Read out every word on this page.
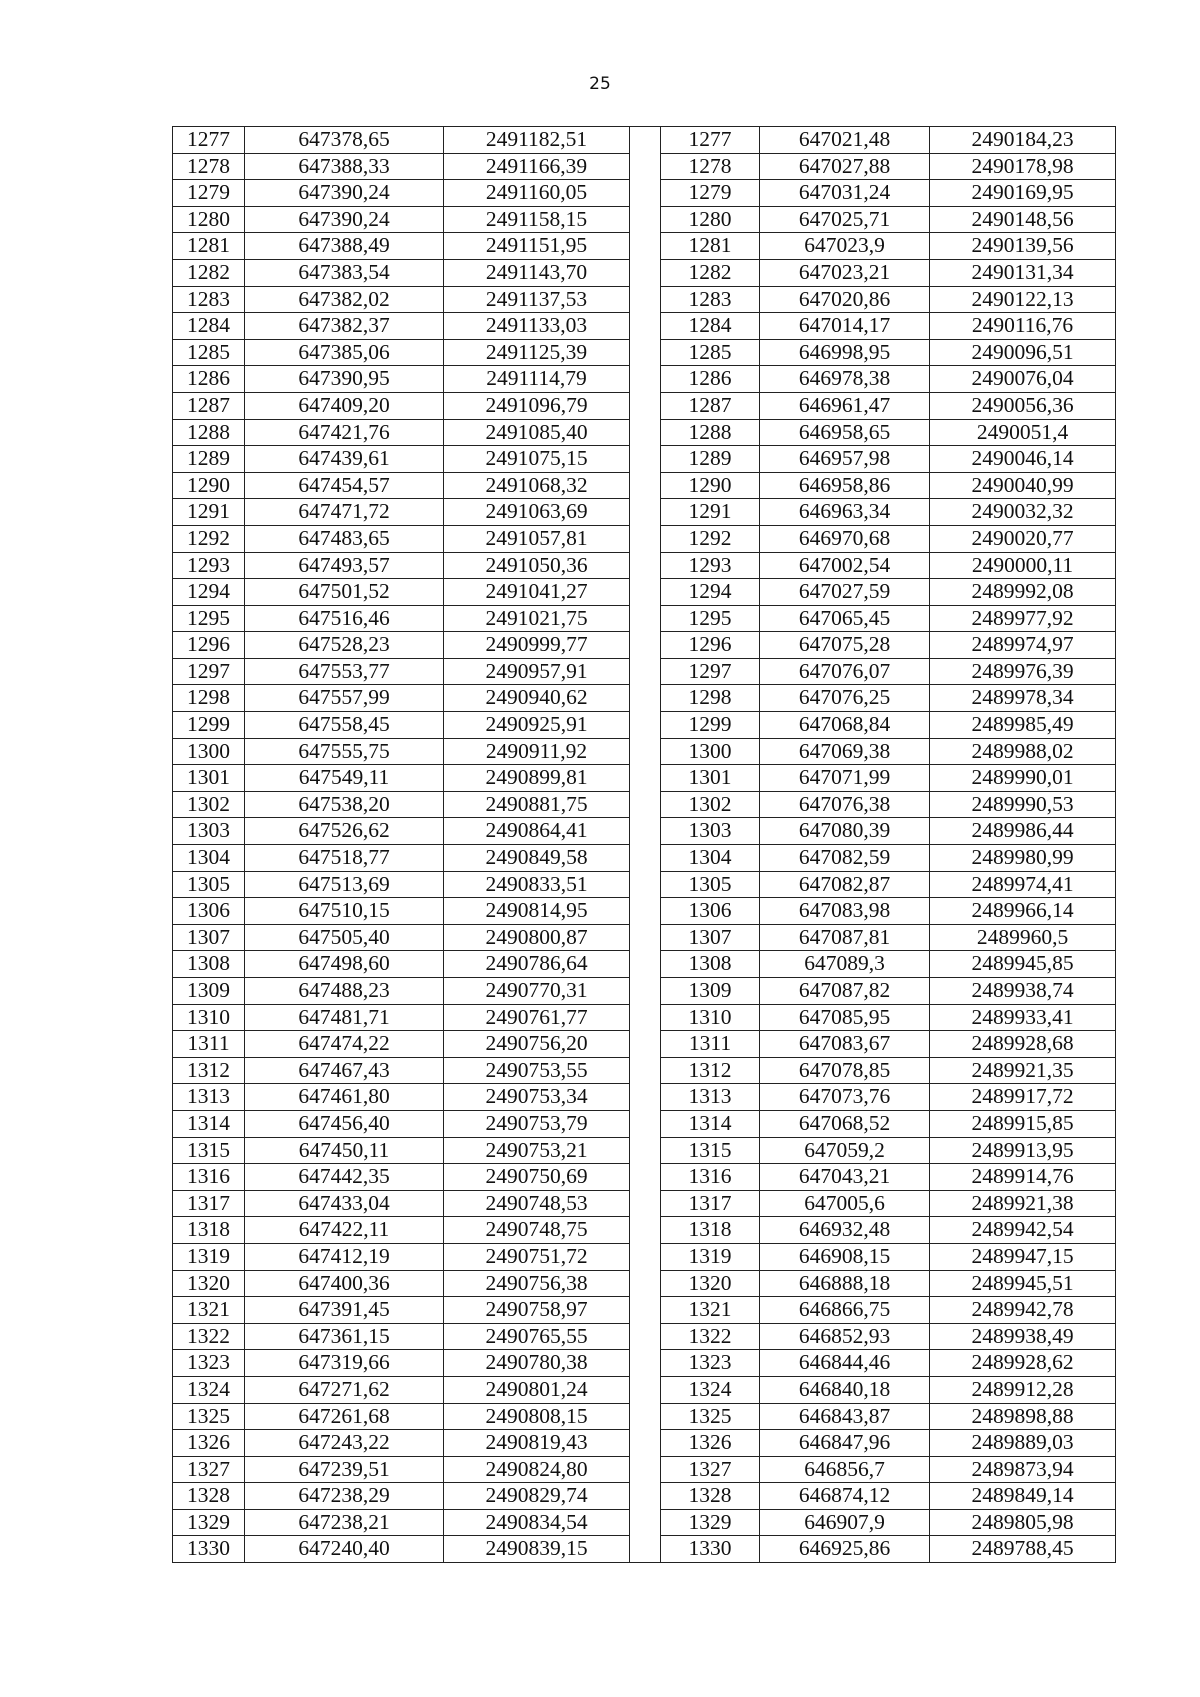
25
1277	647378,65	2491182,51		1277	647021,48	2490184,23
1278	647388,33	2491166,39		1278	647027,88	2490178,98
1279	647390,24	2491160,05		1279	647031,24	2490169,95
1280	647390,24	2491158,15		1280	647025,71	2490148,56
1281	647388,49	2491151,95		1281	647023,9	2490139,56
1282	647383,54	2491143,70		1282	647023,21	2490131,34
1283	647382,02	2491137,53		1283	647020,86	2490122,13
1284	647382,37	2491133,03		1284	647014,17	2490116,76
1285	647385,06	2491125,39		1285	646998,95	2490096,51
1286	647390,95	2491114,79		1286	646978,38	2490076,04
1287	647409,20	2491096,79		1287	646961,47	2490056,36
1288	647421,76	2491085,40		1288	646958,65	2490051,4
1289	647439,61	2491075,15		1289	646957,98	2490046,14
1290	647454,57	2491068,32		1290	646958,86	2490040,99
1291	647471,72	2491063,69		1291	646963,34	2490032,32
1292	647483,65	2491057,81		1292	646970,68	2490020,77
1293	647493,57	2491050,36		1293	647002,54	2490000,11
1294	647501,52	2491041,27		1294	647027,59	2489992,08
1295	647516,46	2491021,75		1295	647065,45	2489977,92
1296	647528,23	2490999,77		1296	647075,28	2489974,97
1297	647553,77	2490957,91		1297	647076,07	2489976,39
1298	647557,99	2490940,62		1298	647076,25	2489978,34
1299	647558,45	2490925,91		1299	647068,84	2489985,49
1300	647555,75	2490911,92		1300	647069,38	2489988,02
1301	647549,11	2490899,81		1301	647071,99	2489990,01
1302	647538,20	2490881,75		1302	647076,38	2489990,53
1303	647526,62	2490864,41		1303	647080,39	2489986,44
1304	647518,77	2490849,58		1304	647082,59	2489980,99
1305	647513,69	2490833,51		1305	647082,87	2489974,41
1306	647510,15	2490814,95		1306	647083,98	2489966,14
1307	647505,40	2490800,87		1307	647087,81	2489960,5
1308	647498,60	2490786,64		1308	647089,3	2489945,85
1309	647488,23	2490770,31		1309	647087,82	2489938,74
1310	647481,71	2490761,77		1310	647085,95	2489933,41
1311	647474,22	2490756,20		1311	647083,67	2489928,68
1312	647467,43	2490753,55		1312	647078,85	2489921,35
1313	647461,80	2490753,34		1313	647073,76	2489917,72
1314	647456,40	2490753,79		1314	647068,52	2489915,85
1315	647450,11	2490753,21		1315	647059,2	2489913,95
1316	647442,35	2490750,69		1316	647043,21	2489914,76
1317	647433,04	2490748,53		1317	647005,6	2489921,38
1318	647422,11	2490748,75		1318	646932,48	2489942,54
1319	647412,19	2490751,72		1319	646908,15	2489947,15
1320	647400,36	2490756,38		1320	646888,18	2489945,51
1321	647391,45	2490758,97		1321	646866,75	2489942,78
1322	647361,15	2490765,55		1322	646852,93	2489938,49
1323	647319,66	2490780,38		1323	646844,46	2489928,62
1324	647271,62	2490801,24		1324	646840,18	2489912,28
1325	647261,68	2490808,15		1325	646843,87	2489898,88
1326	647243,22	2490819,43		1326	646847,96	2489889,03
1327	647239,51	2490824,80		1327	646856,7	2489873,94
1328	647238,29	2490829,74		1328	646874,12	2489849,14
1329	647238,21	2490834,54		1329	646907,9	2489805,98
1330	647240,40	2490839,15		1330	646925,86	2489788,45
